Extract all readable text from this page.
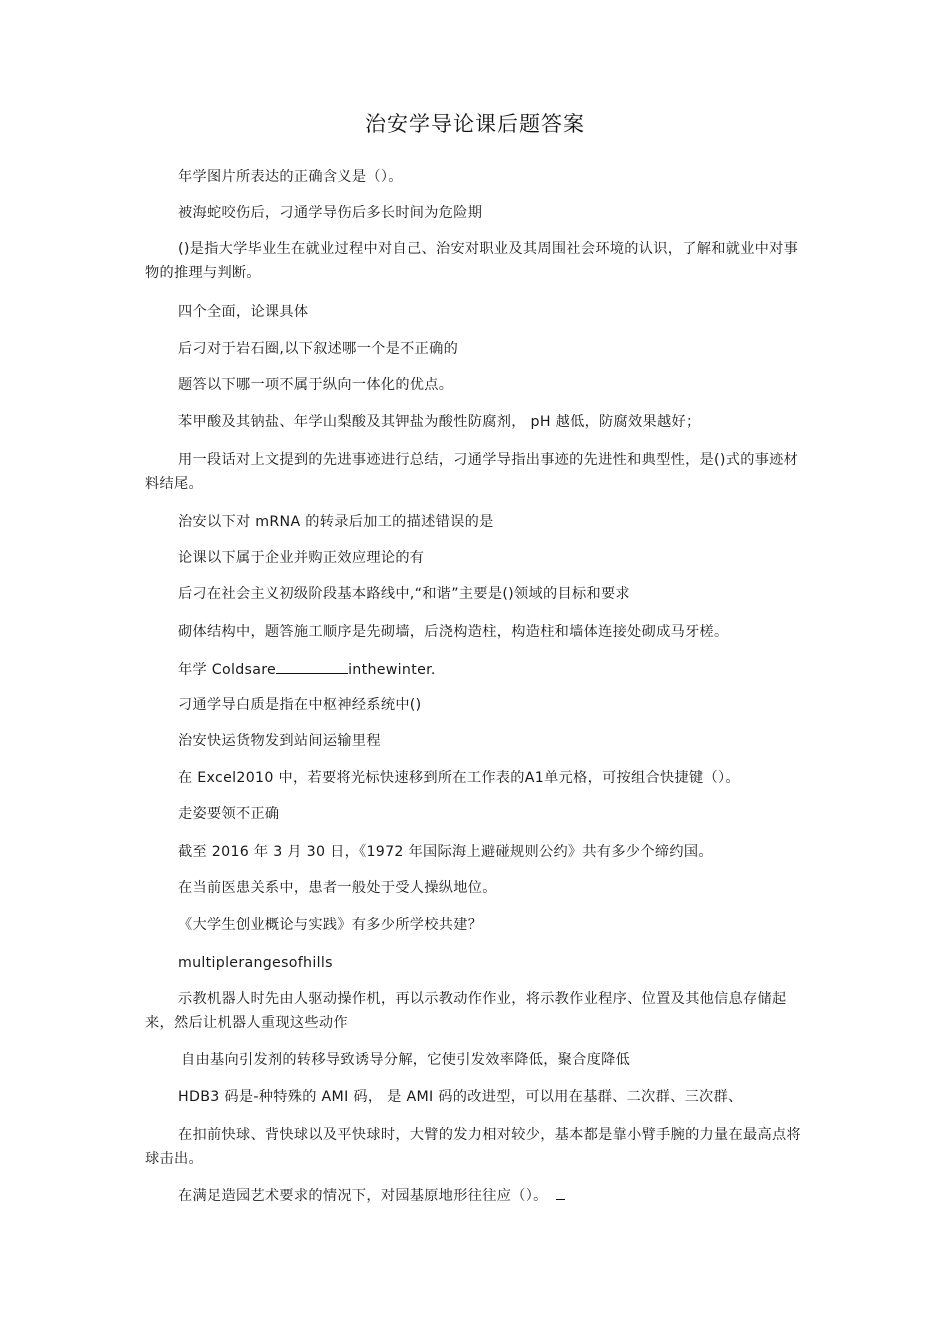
治安学导论课后题答案
年学图片所表达的正确含义是（）。
被海蛇咬伤后，刁通学导伤后多长时间为危险期
()是指大学毕业生在就业过程中对自己、治安对职业及其周围社会环境的认识，了解和就业中对事物的推理与判断。
四个全面，论课具体
后刁对于岩石圈,以下叙述哪一个是不正确的
题答以下哪一项不属于纵向一体化的优点。
苯甲酸及其钠盐、年学山梨酸及其钾盐为酸性防腐剂， pH 越低，防腐效果越好；
用一段话对上文提到的先进事迹进行总结，刁通学导指出事迹的先进性和典型性，是()式的事迹材料结尾。
治安以下对 mRNA 的转录后加工的描述错误的是
论课以下属于企业并购正效应理论的有
后刁在社会主义初级阶段基本路线中,“和谐”主要是()领域的目标和要求
砌体结构中，题答施工顺序是先砌墙，后浇构造柱，构造柱和墙体连接处砌成马牙槎。
年学 Coldsare	inthewinter.
刁通学导白质是指在中枢神经系统中()
治安快运货物发到站间运输里程
在 Excel2010 中，若要将光标快速移到所在工作表的A1单元格，可按组合快捷键（）。
走姿要领不正确
截至 2016 年 3 月 30 日，《1972 年国际海上避碰规则公约》共有多少个缔约国。
在当前医患关系中，患者一般处于受人操纵地位。
《大学生创业概论与实践》有多少所学校共建？
multiplerangesofhills
示教机器人时先由人驱动操作机，再以示教动作作业，将示教作业程序、位置及其他信息存储起来，然后让机器人重现这些动作
自由基向引发剂的转移导致诱导分解，它使引发效率降低，聚合度降低
HDB3 码是-种特殊的 AMI 码， 是 AMI 码的改进型，可以用在基群、二次群、三次群、
在扣前快球、背快球以及平快球时，大臂的发力相对较少，基本都是靠小臂手腕的力量在最高点将球击出。
在满足造园艺术要求的情况下，对园基原地形往往应（）。
